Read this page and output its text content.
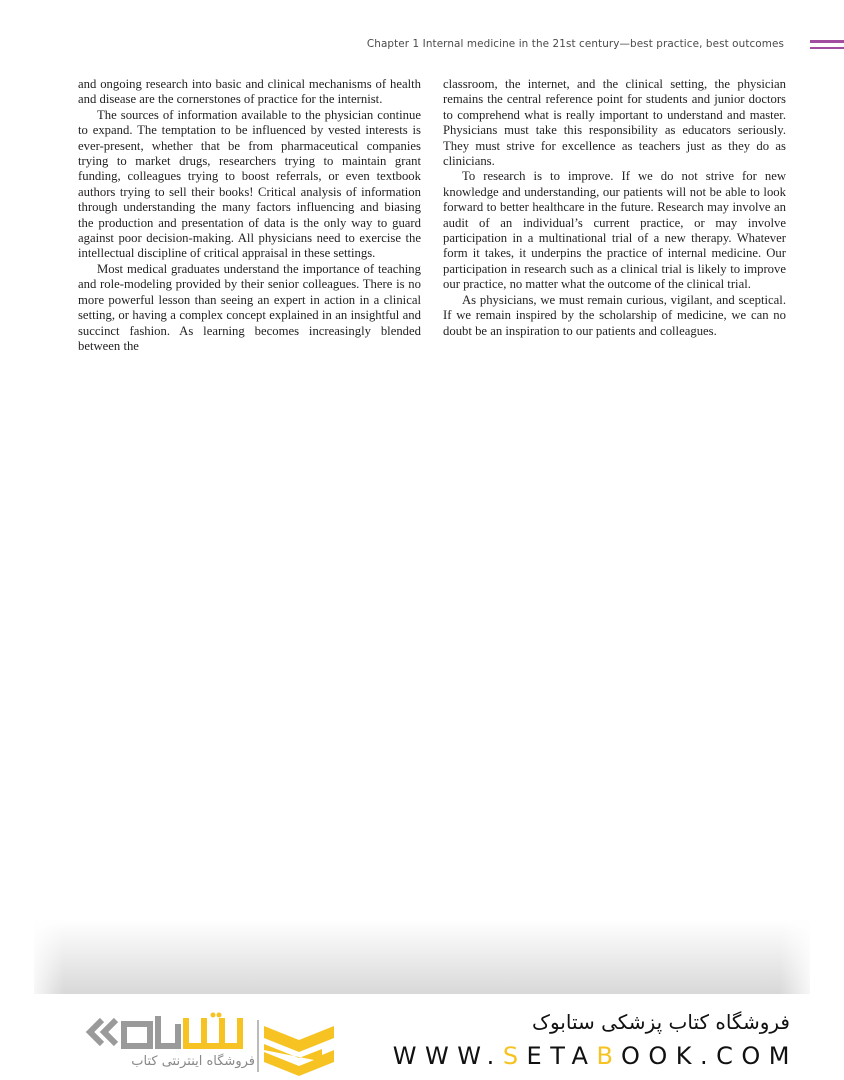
Chapter 1 Internal medicine in the 21st century—best practice, best outcomes

and ongoing research into basic and clinical mechanisms of health and disease are the cornerstones of practice for the internist.

The sources of information available to the physician continue to expand. The temptation to be influenced by vested interests is ever-present, whether that be from pharmaceutical companies trying to market drugs, researchers trying to maintain grant funding, colleagues trying to boost referrals, or even textbook authors trying to sell their books! Critical analysis of information through understanding the many factors influencing and biasing the production and presentation of data is the only way to guard against poor decision-making. All physicians need to exercise the intellectual discipline of critical appraisal in these settings.

Most medical graduates understand the importance of teaching and role-modeling provided by their senior colleagues. There is no more powerful lesson than seeing an expert in action in a clinical setting, or having a complex concept explained in an insightful and succinct fashion. As learning becomes increasingly blended between the

classroom, the internet, and the clinical setting, the physician remains the central reference point for students and junior doctors to comprehend what is really important to understand and master. Physicians must take this responsibility as educators seriously. They must strive for excellence as teachers just as they do as clinicians.

To research is to improve. If we do not strive for new knowledge and understanding, our patients will not be able to look forward to better healthcare in the future. Research may involve an audit of an individual’s current practice, or may involve participation in a multinational trial of a new therapy. Whatever form it takes, it underpins the practice of internal medicine. Our participation in research such as a clinical trial is likely to improve our practice, no matter what the outcome of the clinical trial.

As physicians, we must remain curious, vigilant, and sceptical. If we remain inspired by the scholarship of medicine, we can no doubt be an inspiration to our patients and colleagues.

فروشگاه اینترنتی کتاب
فروشگاه کتاب پزشکی ستابوک
WWW.SETABOOK.COM
